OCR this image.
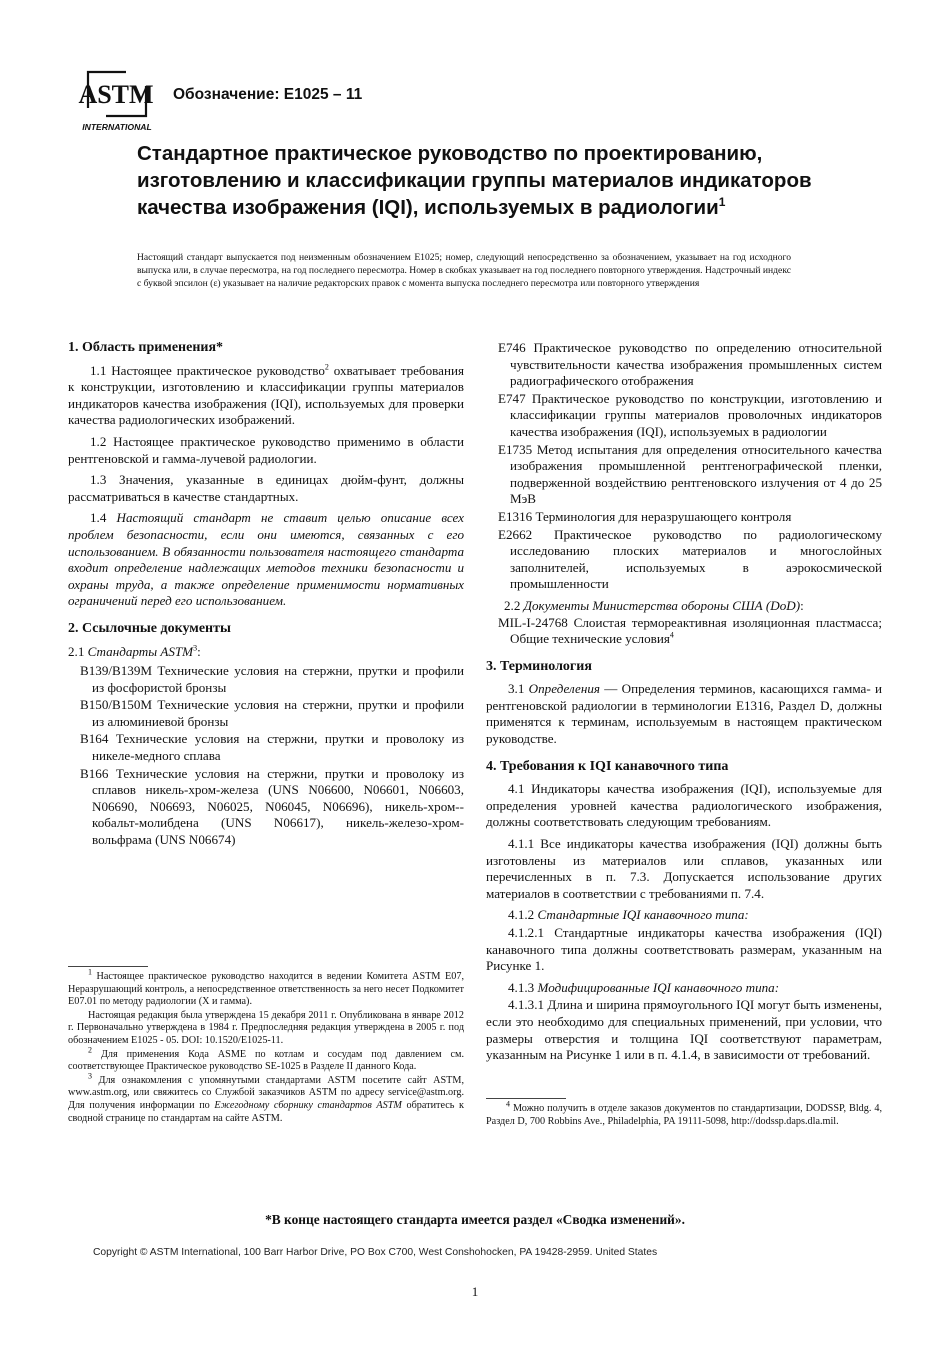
ASTM
INTERNATIONAL
Обозначение: E1025 – 11
Стандартное практическое руководство по проектированию, изготовлению и классификации группы материалов индикаторов качества изображения (IQI), используемых в радиологии$^1$
Настоящий стандарт выпускается под неизменным обозначением E1025; номер, следующий непосредственно за обозначением, указывает на год исходного выпуска или, в случае пересмотра, на год последнего пересмотра. Номер в скобках указывает на год последнего повторного утверждения. Надстрочный индекс с буквой эпсилон (ε) указывает на наличие редакторских правок с момента выпуска последнего пересмотра или повторного утверждения
1. Область применения*

1.1 Настоящее практическое руководство$^2$ охватывает требования к конструкции, изготовлению и классификации группы материалов индикаторов качества изображения (IQI), используемых для проверки качества радиологических изображений.

1.2 Настоящее практическое руководство применимо в области рентгеновской и гамма-лучевой радиологии.

1.3 Значения, указанные в единицах дюйм-фунт, должны рассматриваться в качестве стандартных.

1.4 Настоящий стандарт не ставит целью описание всех проблем безопасности, если они имеются, связанных с его использованием. В обязанности пользователя настоящего стандарта входит определение надлежащих методов техники безопасности и охраны труда, а также определение применимости нормативных ограничений перед его использованием.

2. Ссылочные документы

2.1 Стандарты ASTM$^3$:

B139/B139M Технические условия на стержни, прутки и профили из фосфористой бронзы

B150/B150M Технические условия на стержни, прутки и профили из алюминиевой бронзы

B164 Технические условия на стержни, прутки и проволоку из никеле-медного сплава

B166 Технические условия на стержни, прутки и проволоку из сплавов никель-хром-железа (UNS N06600, N06601, N06603, N06690, N06693, N06025, N06045, N06696), никель-хром--кобальт-молибдена (UNS N06617), никель-железо-хром-вольфрама (UNS N06674)

E746 Практическое руководство по определению относительной чувствительности качества изображения промышленных систем радиографического отображения

E747 Практическое руководство по конструкции, изготовлению и классификации группы материалов проволочных индикаторов качества изображения (IQI), используемых в радиологии

E1735 Метод испытания для определения относительного качества изображения промышленной рентгенографической пленки, подверженной воздействию рентгеновского излучения от 4 до 25 МэВ

E1316 Терминология для неразрушающего контроля

E2662 Практическое руководство по радиологическому исследованию плоских материалов и многослойных заполнителей, используемых в аэрокосмической промышленности

2.2 Документы Министерства обороны США (DoD):

MIL-I-24768 Слоистая термореактивная изоляционная пластмасса; Общие технические условия$^4$

3. Терминология

3.1 Определения — Определения терминов, касающихся гамма- и рентгеновской радиологии в терминологии E1316, Раздел D, должны применятся к терминам, используемым в настоящем практическом руководстве.

4. Требования к IQI канавочного типа

4.1 Индикаторы качества изображения (IQI), используемые для определения уровней качества радиологического изображения, должны соответствовать следующим требованиям.

4.1.1 Все индикаторы качества изображения (IQI) должны быть изготовлены из материалов или сплавов, указанных или перечисленных в п. 7.3. Допускается использование других материалов в соответствии с требованиями п. 7.4.

4.1.2 Стандартные IQI канавочного типа:

4.1.2.1 Стандартные индикаторы качества изображения (IQI) канавочного типа должны соответствовать размерам, указанным на Рисунке 1.

4.1.3 Модифицированные IQI канавочного типа:

4.1.3.1 Длина и ширина прямоугольного IQI могут быть изменены, если это необходимо для специальных применений, при условии, что размеры отверстия и толщина IQI соответствуют параметрам, указанным на Рисунке 1 или в п. 4.1.4, в зависимости от требований.

$^1$ Настоящее практическое руководство находится в ведении Комитета ASTM E07, Неразрушающий контроль, а непосредственное ответственность за него несет Подкомитет E07.01 по методу радиологии (X и гамма).

Настоящая редакция была утверждена 15 декабря 2011 г. Опубликована в январе 2012 г. Первоначально утверждена в 1984 г. Предпоследняя редакция утверждена в 2005 г. под обозначением E1025 - 05. DOI: 10.1520/E1025-11.

$^2$ Для применения Кода ASME по котлам и сосудам под давлением см. соответствующее Практическое руководство SE-1025 в Разделе II данного Кода.

$^3$ Для ознакомления с упомянутыми стандартами ASTM посетите сайт ASTM, www.astm.org, или свяжитесь со Службой заказчиков ASTM по адресу service@astm.org. Для получения информации по Ежегодному сборнику стандартов ASTM обратитесь к сводной странице по стандартам на сайте ASTM.

$^4$ Можно получить в отделе заказов документов по стандартизации, DODSSP, Bldg. 4, Раздел D, 700 Robbins Ave., Philadelphia, PA 19111-5098, http://dodssp.daps.dla.mil.

*В конце настоящего стандарта имеется раздел «Сводка изменений».
Copyright © ASTM International, 100 Barr Harbor Drive, PO Box C700, West Conshohocken, PA 19428-2959. United States
1
